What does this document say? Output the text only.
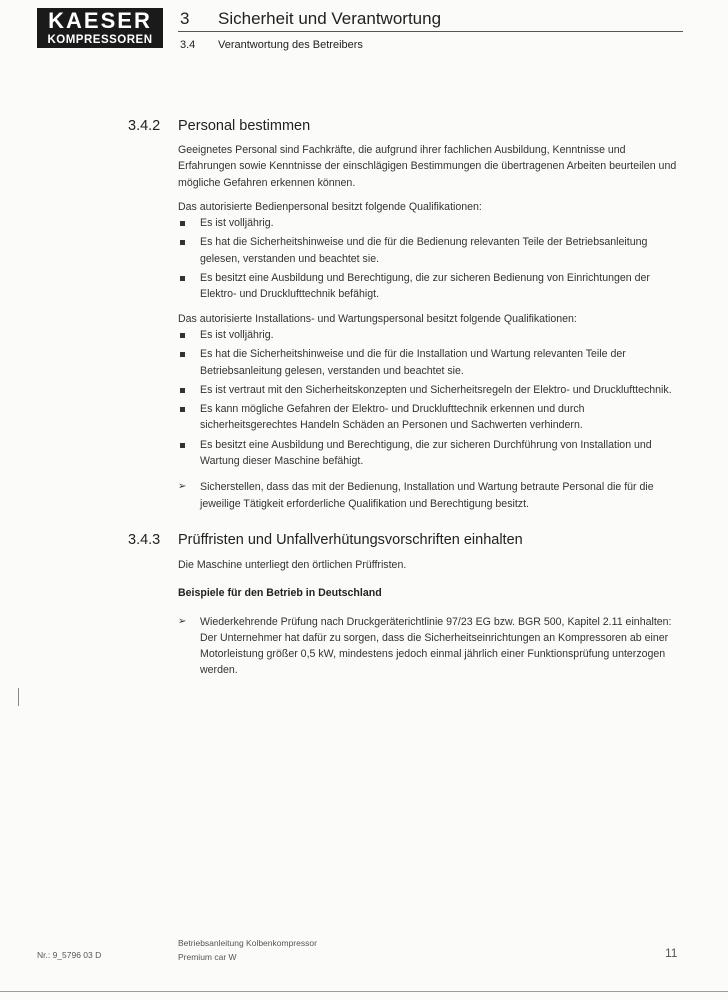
KAESER
KOMPRESSOREN
3 Sicherheit und Verantwortung
3.4 Verantwortung des Betreibers
3.4.2 Personal bestimmen

Geeignetes Personal sind Fachkräfte, die aufgrund ihrer fachlichen Ausbildung, Kenntnisse und Erfahrungen sowie Kenntnisse der einschlägigen Bestimmungen die übertragenen Arbeiten beurteilen und mögliche Gefahren erkennen können.

Das autorisierte Bedienpersonal besitzt folgende Qualifikationen:

Es ist volljährig.
Es hat die Sicherheitshinweise und die für die Bedienung relevanten Teile der Betriebsanleitung gelesen, verstanden und beachtet sie.
Es besitzt eine Ausbildung und Berechtigung, die zur sicheren Bedienung von Einrichtungen der Elektro- und Drucklufttechnik befähigt.

Das autorisierte Installations- und Wartungspersonal besitzt folgende Qualifikationen:

Es ist volljährig.
Es hat die Sicherheitshinweise und die für die Installation und Wartung relevanten Teile der Betriebsanleitung gelesen, verstanden und beachtet sie.
Es ist vertraut mit den Sicherheitskonzepten und Sicherheitsregeln der Elektro- und Drucklufttechnik.
Es kann mögliche Gefahren der Elektro- und Drucklufttechnik erkennen und durch sicherheitsgerechtes Handeln Schäden an Personen und Sachwerten verhindern.
Es besitzt eine Ausbildung und Berechtigung, die zur sicheren Durchführung von Installation und Wartung dieser Maschine befähigt.
➢ Sicherstellen, dass das mit der Bedienung, Installation und Wartung betraute Personal die für die jeweilige Tätigkeit erforderliche Qualifikation und Berechtigung besitzt.
3.4.3 Prüffristen und Unfallverhütungsvorschriften einhalten

Die Maschine unterliegt den örtlichen Prüffristen.

Beispiele für den Betrieb in Deutschland

➢ Wiederkehrende Prüfung nach Druckgeräterichtlinie 97/23 EG bzw. BGR 500, Kapitel 2.11 einhalten:
Der Unternehmer hat dafür zu sorgen, dass die Sicherheitseinrichtungen an Kompressoren ab einer Motorleistung größer 0,5 kW, mindestens jedoch einmal jährlich einer Funktionsprüfung unterzogen werden.
Nr.: 9_5796 03 D
Betriebsanleitung Kolbenkompressor
Premium car W	11
